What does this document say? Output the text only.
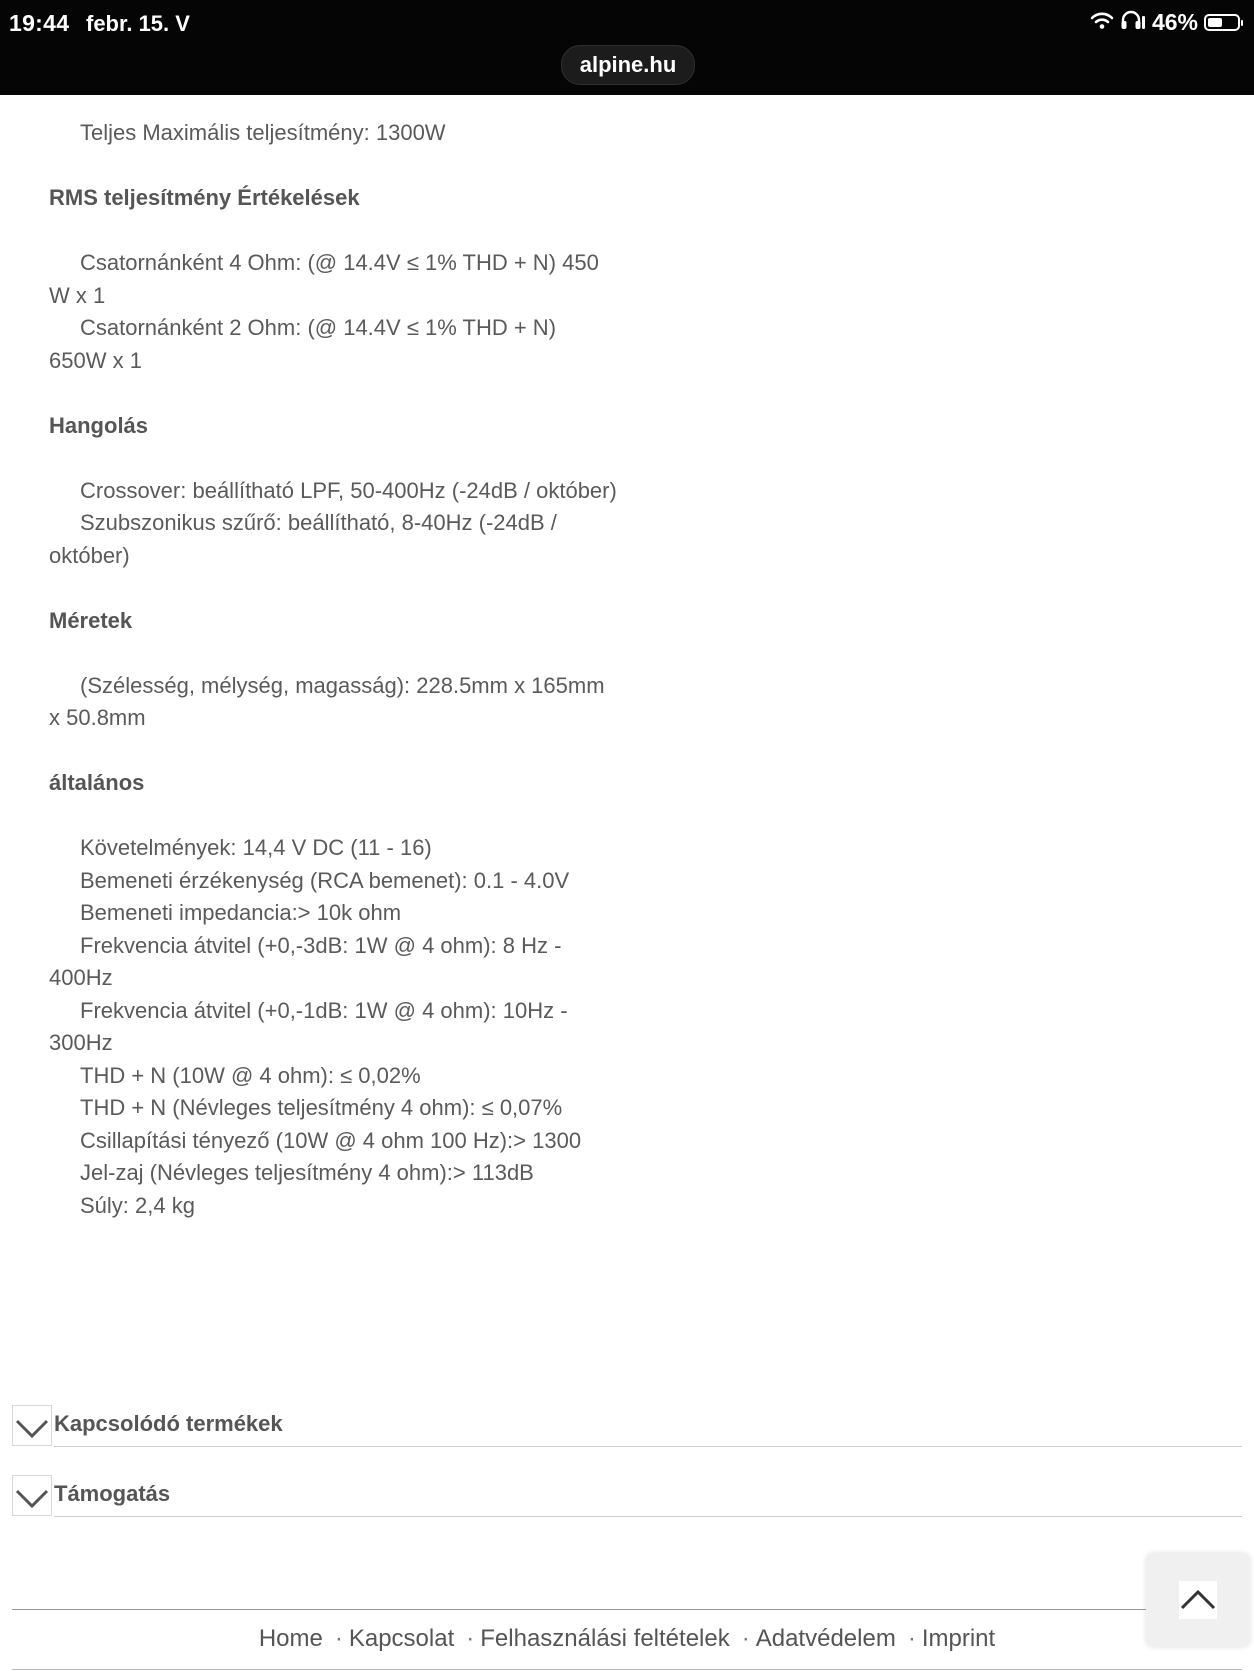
19:44 febr. 15. V	46%
alpine.hu

Teljes Maximális teljesítmény: 1300W

RMS teljesítmény Értékelések

Csatornánként 4 Ohm: (@ 14.4V ≤ 1% THD + N) 450

W x 1

Csatornánként 2 Ohm: (@ 14.4V ≤ 1% THD + N)

650W x 1

Hangolás

Crossover: beállítható LPF, 50-400Hz (-24dB / október)

Szubszonikus szűrő: beállítható, 8-40Hz (-24dB /

október)

Méretek

(Szélesség, mélység, magasság): 228.5mm x 165mm

x 50.8mm

általános

Követelmények: 14,4 V DC (11 - 16)

Bemeneti érzékenység (RCA bemenet): 0.1 - 4.0V

Bemeneti impedancia:> 10k ohm

Frekvencia átvitel (+0,-3dB: 1W @ 4 ohm): 8 Hz -

400Hz

Frekvencia átvitel (+0,-1dB: 1W @ 4 ohm): 10Hz -

300Hz

THD + N (10W @ 4 ohm): ≤ 0,02%

THD + N (Névleges teljesítmény 4 ohm): ≤ 0,07%

Csillapítási tényező (10W @ 4 ohm 100 Hz):> 1300

Jel-zaj (Névleges teljesítmény 4 ohm):> 113dB

Súly: 2,4 kg

Kapcsolódó termékek
Támogatás
Home · Kapcsolat · Felhasználási feltételek · Adatvédelem · Imprint
